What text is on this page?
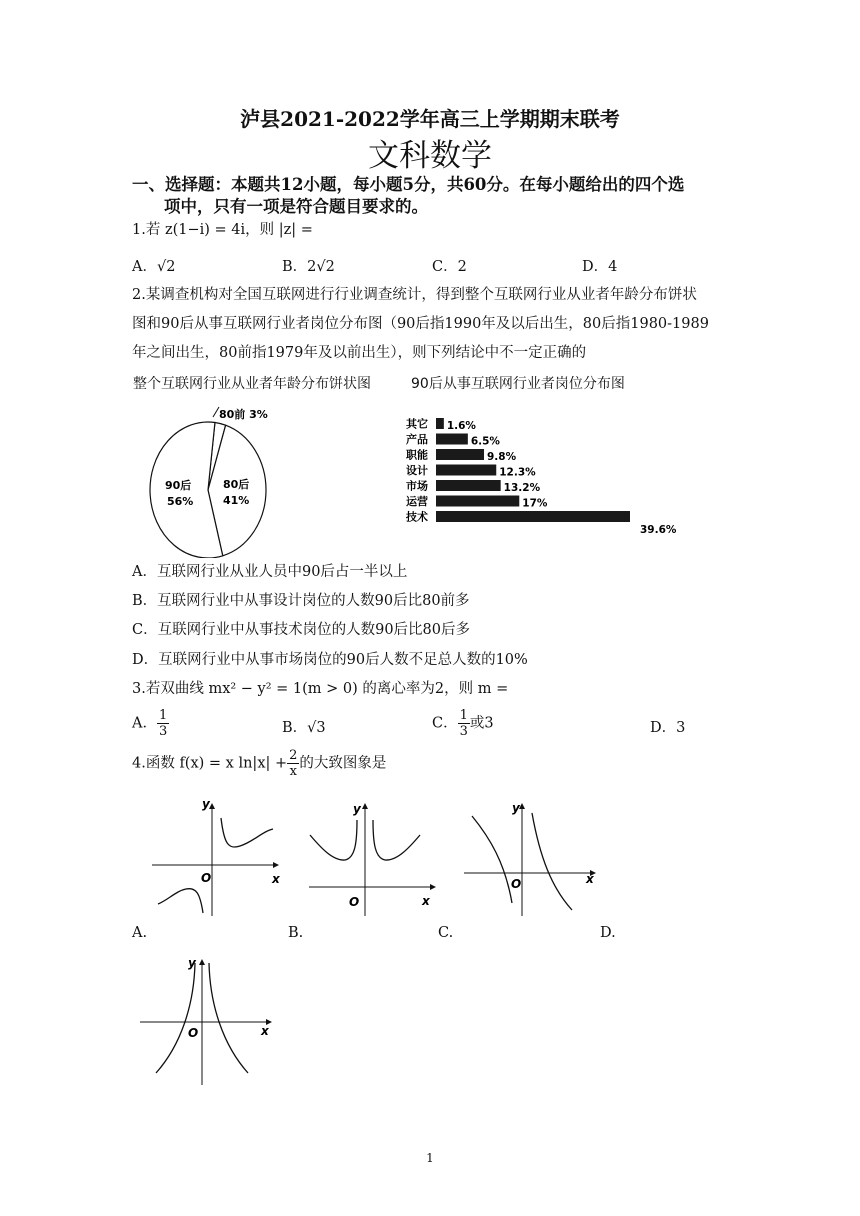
泸县2021-2022学年高三上学期期末联考
文科数学
一、选择题：本题共12小题，每小题5分，共60分。在每小题给出的四个选
项中，只有一项是符合题目要求的。
1.若 z(1−i) = 4i，则 |z| =
A．√2	B．2√2	C．2	D．4
2.某调查机构对全国互联网进行行业调查统计，得到整个互联网行业从业者年龄分布饼状
图和90后从事互联网行业者岗位分布图（90后指1990年及以后出生，80后指1980-1989
年之间出生，80前指1979年及以前出生），则下列结论中不一定正确的
整个互联网行业从业者年龄分布饼状图	90后从事互联网行业者岗位分布图
80前 3%
90后
56%
80后
41%
其它 1.6%
产品	6.5%
职能	9.8%
设计	12.3%
市场	13.2%
运营	17%
技术
39.6%
A．互联网行业从业人员中90后占一半以上
B．互联网行业中从事设计岗位的人数90后比80前多
C．互联网行业中从事技术岗位的人数90后比80后多
D．互联网行业中从事市场岗位的90后人数不足总人数的10%
3.若双曲线 mx² − y² = 1(m > 0) 的离心率为2，则 m =
A． $\frac{1}{3}$	B．√3	C． $\frac{1}{3}$ 或3	D．3
4.函数 f(x) = x $\ln|x| + \frac{2}{x}$ 的大致图象是
y
O	x
A.
y
O	x
B.
y
O	x
C.	D.
y
O	x
1
